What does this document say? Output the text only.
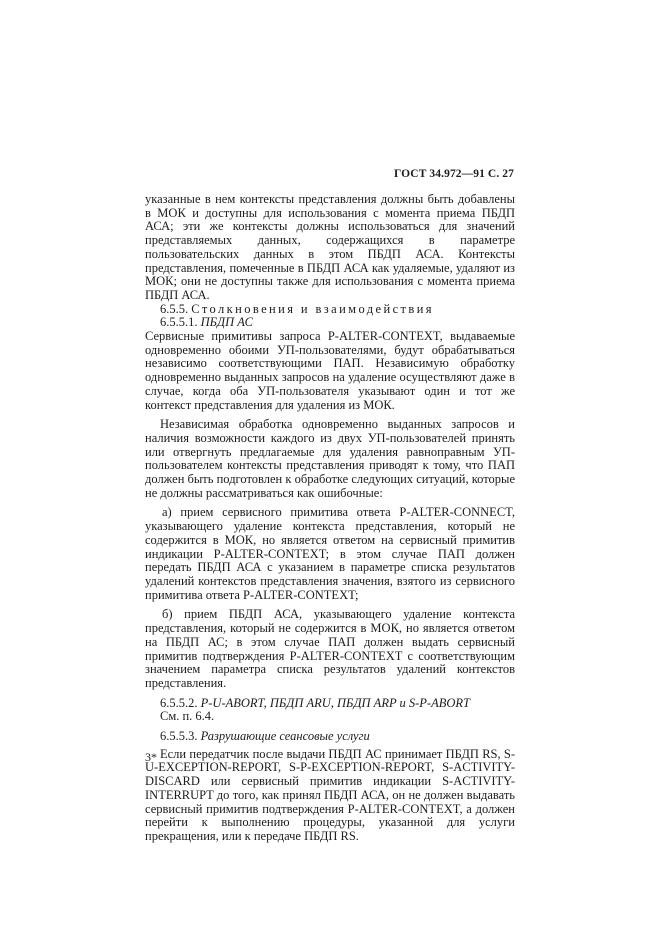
ГОСТ 34.972—91 С. 27

указанные в нем контексты представления должны быть добавлены в МОК и доступны для использования с момента приема ПБДП АСА; эти же контексты должны использоваться для значений представляемых данных, содержащихся в параметре пользовательских данных в этом ПБДП АСА. Контексты представления, помеченные в ПБДП АСА как удаляемые, удаляют из МОК; они не доступны также для использования с момента приема ПБДП АСА.

6.5.5. Столкновения и взаимодействия

6.5.5.1. ПБДП АС

Сервисные примитивы запроса P-ALTER-CONTEXT, выдаваемые одновременно обоими УП-пользователями, будут обрабатываться независимо соответствующими ПАП. Независимую обработку одновременно выданных запросов на удаление осуществляют даже в случае, когда оба УП-пользователя указывают один и тот же контекст представления для удаления из МОК.

Независимая обработка одновременно выданных запросов и наличия возможности каждого из двух УП-пользователей принять или отвергнуть предлагаемые для удаления равноправным УП-пользователем контексты представления приводят к тому, что ПАП должен быть подготовлен к обработке следующих ситуаций, которые не должны рассматриваться как ошибочные:

а) прием сервисного примитива ответа P-ALTER-CONNECT, указывающего удаление контекста представления, который не содержится в МОК, но является ответом на сервисный примитив индикации P-ALTER-CONTEXT; в этом случае ПАП должен передать ПБДП АСА с указанием в параметре списка результатов удалений контекстов представления значения, взятого из сервисного примитива ответа P-ALTER-CONTEXT;

б) прием ПБДП АСА, указывающего удаление контекста представления, который не содержится в МОК, но является ответом на ПБДП АС; в этом случае ПАП должен выдать сервисный примитив подтверждения P-ALTER-CONTEXT с соответствующим значением параметра списка результатов удалений контекстов представления.

6.5.5.2. P-U-ABORT, ПБДП ARU, ПБДП ARP и S-P-ABORT

См. п. 6.4.

6.5.5.3. Разрушающие сеансовые услуги

Если передатчик после выдачи ПБДП АС принимает ПБДП RS, S-U-EXCEPTION-REPORT, S-P-EXCEPTION-REPORT, S-ACTIVITY-DISCARD или сервисный примитив индикации S-ACTIVITY-INTERRUPT до того, как принял ПБДП АСА, он не должен выдавать сервисный примитив подтверждения P-ALTER-CONTEXT, а должен перейти к выполнению процедуры, указанной для услуги прекращения, или к передаче ПБДП RS.

3*
